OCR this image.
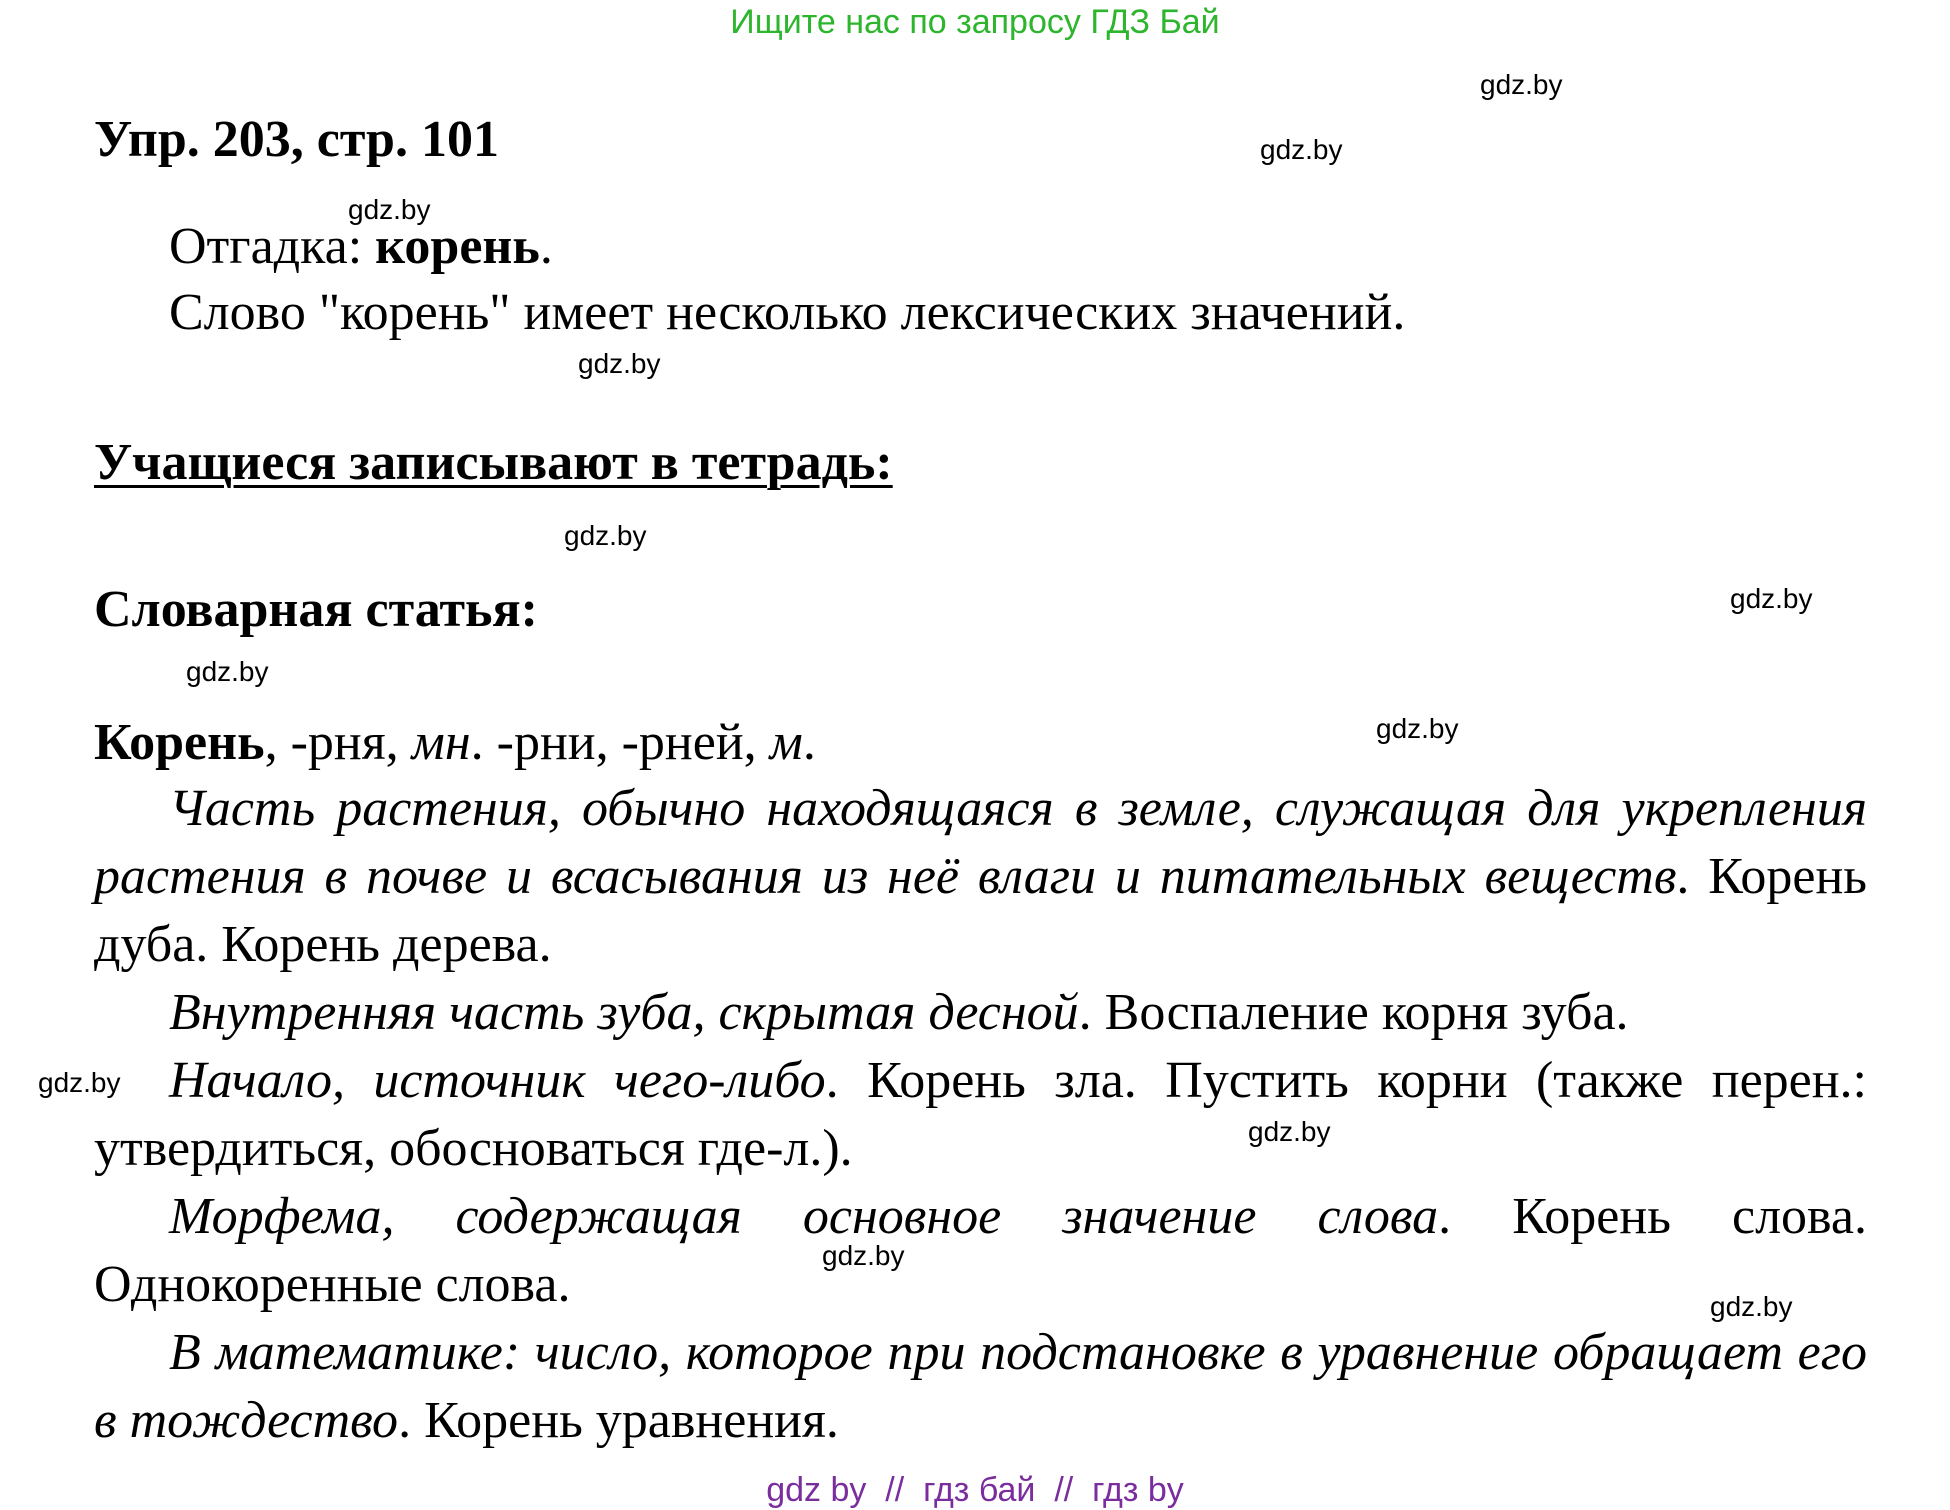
Ищите нас по запросу ГДЗ Бай
gdz.by
gdz.by
gdz.by
gdz.by
gdz.by
gdz.by
gdz.by
gdz.by
gdz.by
gdz.by
gdz.by
gdz.by
Упр. 203, стр. 101
Отгадка: корень.
Слово "корень" имеет несколько лексических значений.
Учащиеся записывают в тетрадь:
Словарная статья:
Корень, -рня, мн. -рни, -рней, м.
Часть растения, обычно находящаяся в земле, служащая для укрепления растения в почве и всасывания из неё влаги и питательных веществ. Корень дуба. Корень дерева.
Внутренняя часть зуба, скрытая десной. Воспаление корня зуба.
Начало, источник чего-либо. Корень зла. Пустить корни (также перен.: утвердиться, обосноваться где-л.).
Морфема, содержащая основное значение слова. Корень слова. Однокоренные слова.
В математике: число, которое при подстановке в уравнение обращает его в тождество. Корень уравнения.
gdz by  //  гдз бай  //  гдз by
